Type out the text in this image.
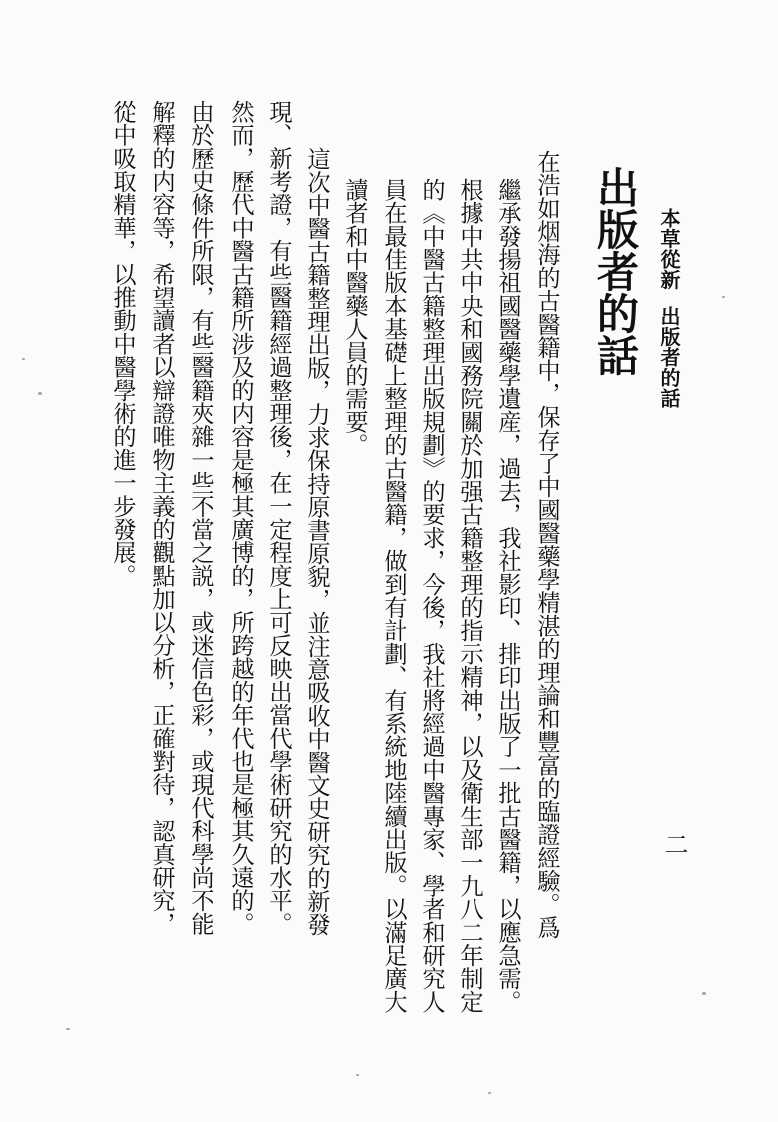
本草從新出版者的話
出版者的話
二
在浩如烟海的古醫籍中，保存了中國醫藥學精湛的理論和豐富的臨證經驗。爲
繼承發揚祖國醫藥學遺産，過去，我社影印、排印出版了一批古醫籍，以應急需。
根據中共中央和國務院關於加强古籍整理的指示精神，以及衛生部一九八二年制定
的《中醫古籍整理出版規劃》的要求，今後，我社將經過中醫專家、學者和研究人
員在最佳版本基礎上整理的古醫籍，做到有計劃、有系統地陸續出版。以滿足廣大
讀者和中醫藥人員的需要。
　這次中醫古籍整理出版，力求保持原書原貌，並注意吸收中醫文史研究的新發
現、新考證，有些醫籍經過整理後，在一定程度上可反映出當代學術研究的水平。
然而，歷代中醫古籍所涉及的内容是極其廣博的，所跨越的年代也是極其久遠的。
由於歷史條件所限，有些醫籍夾雜一些不當之説，或迷信色彩，或現代科學尚不能
解釋的内容等，希望讀者以辯證唯物主義的觀點加以分析，正確對待，認真研究，
從中吸取精華，以推動中醫學術的進一步發展。
